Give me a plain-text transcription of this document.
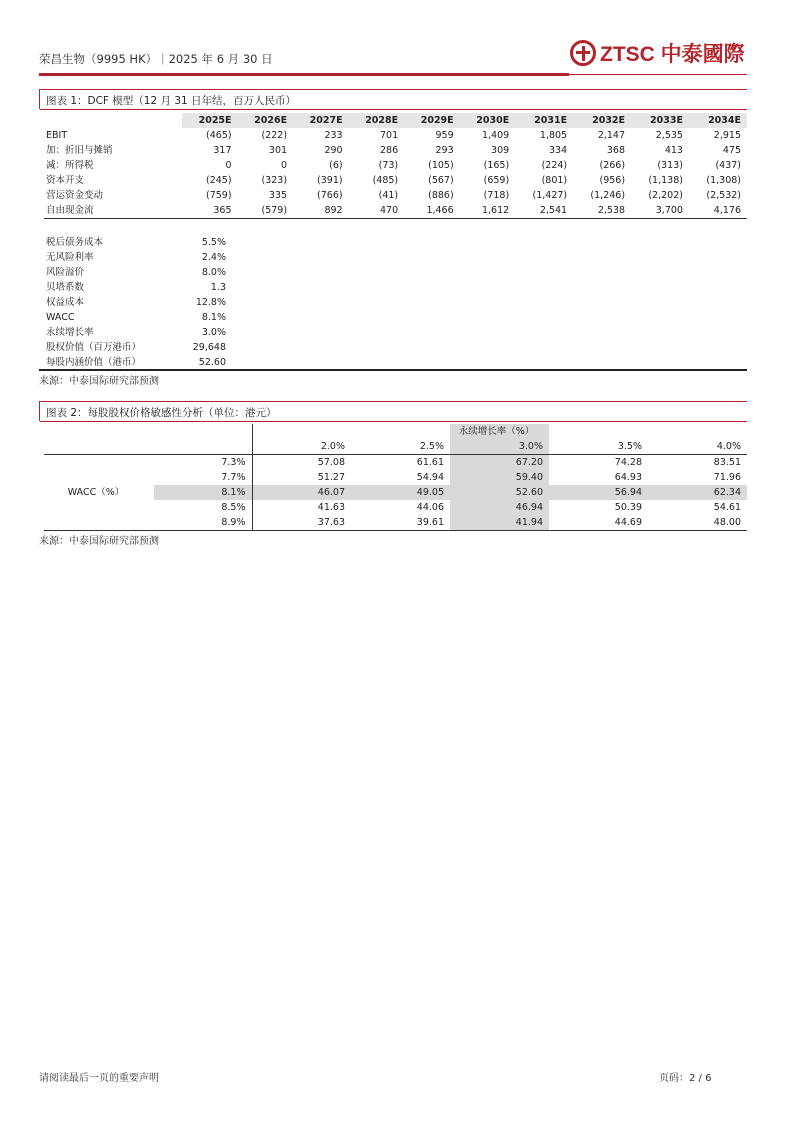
荣昌生物（9995 HK）｜2025 年 6 月 30 日	ZTSC 中泰國際
图表 1：DCF 模型（12 月 31 日年结，百万人民币）
	2025E	2026E	2027E	2028E	2029E	2030E	2031E	2032E	2033E	2034E
EBIT	(465)	(222)	233	701	959	1,409	1,805	2,147	2,535	2,915
加：折旧与摊销	317	301	290	286	293	309	334	368	413	475
减：所得税	0	0	(6)	(73)	(105)	(165)	(224)	(266)	(313)	(437)
资本开支	(245)	(323)	(391)	(485)	(567)	(659)	(801)	(956)	(1,138)	(1,308)
营运资金变动	(759)	335	(766)	(41)	(886)	(718)	(1,427)	(1,246)	(2,202)	(2,532)
自由现金流	365	(579)	892	470	1,466	1,612	2,541	2,538	3,700	4,176
税后债务成本	5.5%
无风险利率	2.4%
风险溢价	8.0%
贝塔系数	1.3
权益成本	12.8%
WACC	8.1%
永续增长率	3.0%
股权价值（百万港币）	29,648
每股内涵价值（港币）	52.60
来源：中泰国际研究部预测
图表 2：每股股权价格敏感性分析（单位：港元）
				永续增长率（%）		
		2.0%	2.5%	3.0%	3.5%	4.0%
	7.3%	57.08	61.61	67.20	74.28	83.51
	7.7%	51.27	54.94	59.40	64.93	71.96
WACC（%）	8.1%	46.07	49.05	52.60	56.94	62.34
	8.5%	41.63	44.06	46.94	50.39	54.61
	8.9%	37.63	39.61	41.94	44.69	48.00
来源：中泰国际研究部预测
请阅读最后一页的重要声明	页码：2 / 6
